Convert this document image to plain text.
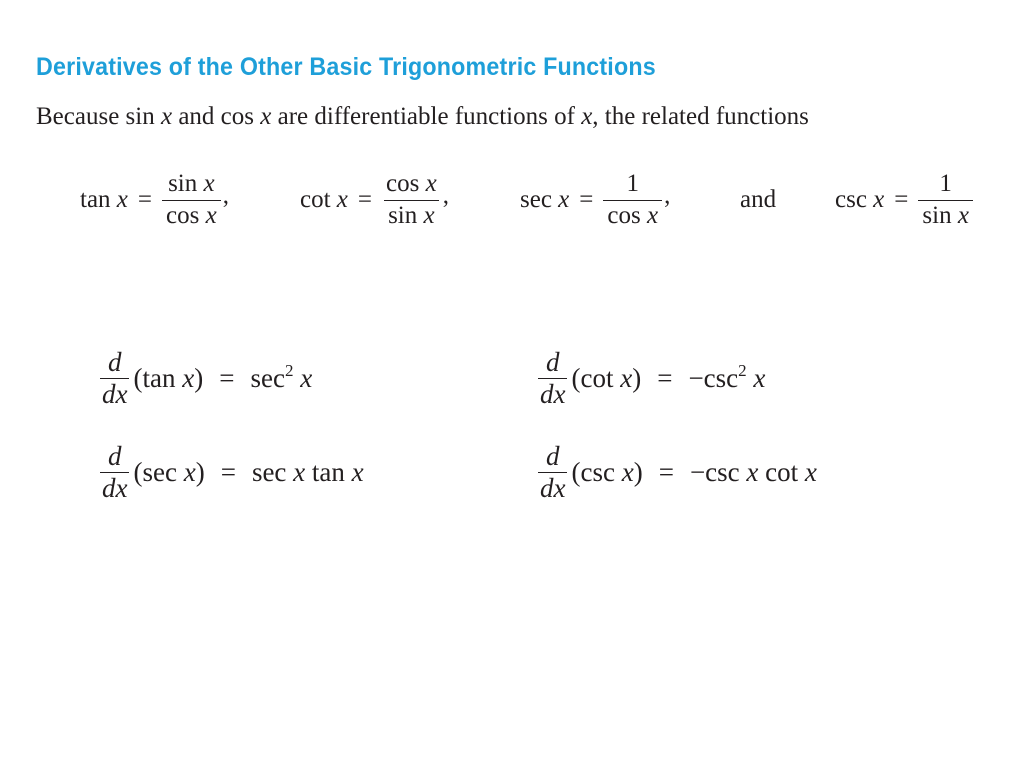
Derivatives of the Other Basic Trigonometric Functions
Because sin x and cos x are differentiable functions of x, the related functions
$\tan x = \frac{\text{sin x}}{\text{cos x}}$ ,	$\cot x = \frac{\text{cos x}}{\text{sin x}}$ ,	$\sec x = \frac{1}{\text{cos x}}$ ,	and $\csc x = \frac{1}{\text{sin x}}$
$\frac{d}{dx} (\tan$ $x) = \sec^2 x$	$\frac{d}{dx} (\cot$ $x) = -\csc^2$ x
$\frac{d}{dx} (\sec$ x) = sec x tan x	$\frac{d}{dx} (\csc$ x) = −csc x cot x
